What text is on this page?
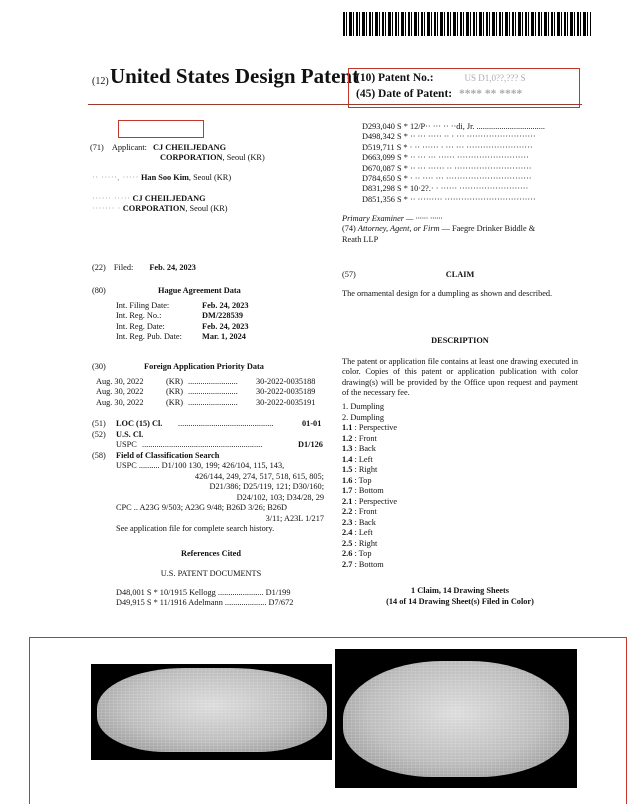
(12) United States Design Patent
(10) Patent No.:	US D1,0??,??? S
(45) Date of Patent: **** ** ****
(71) Applicant: CJ CHEILJEDANG
CORPORATION, Seoul (KR)
·· ·····, ····· Han Soo Kim, Seoul (KR)
······ ····· CJ CHEILJEDANG
······· · CORPORATION, Seoul (KR)
(22) Filed: Feb. 24, 2023
(80)	Hague Agreement Data
Int. Filing Date:	Feb. 24, 2023
Int. Reg. No.:	DM/228539
Int. Reg. Date:	Feb. 24, 2023
Int. Reg. Pub. Date: Mar. 1, 2024
(30)	Foreign Application Priority Data
Aug. 30, 2022	(KR) ........................ 30-2022-0035188
Aug. 30, 2022	(KR) ........................ 30-2022-0035189
Aug. 30, 2022	(KR) ........................ 30-2022-0035191
(51) LOC (15) Cl. ..............................................	01-01
(52) U.S. Cl.
USPC ..........................................................	D1/126
(58) Field of Classification Search
USPC .......... D1/100 130, 199; 426/104, 115, 143,
426/144, 249, 274, 517, 518, 615, 805;
D21/386; D25/119, 121; D30/160;
D24/102, 103; D34/28, 29
CPC .. A23G 9/503; A23G 9/48; B26D 3/26; B26D
3/11; A23L 1/217
See application file for complete search history.
References Cited
U.S. PATENT DOCUMENTS
D48,001 S * 10/1915 Kellogg ...................... D1/199
D49,915 S * 11/1916 Adelmann .................... D7/672
D293,040 S * 12/P·· ··· ·· ··di, Jr. .................................
D498,342 S * ·· ··· ····· ·· · ··· ·························
D519,711 S * · ·· ······ · ··· ··· ························
D663,099 S * ·· ··· ··· ······ ··························
D670,087 S * ·· ··· ······ ·· ····························
D784,650 S * · ·· ···· ··· ·······························
D831,298 S * 10·2?.· · ······ ·························
D851,356 S * ·· ········· ·································
Primary Examiner — ······ ······
(74) Attorney, Agent, or Firm — Faegre Drinker Biddle &
Reath LLP
(57)	CLAIM
The ornamental design for a dumpling as shown and described.
DESCRIPTION
The patent or application file contains at least one drawing executed in color. Copies of this patent or application publication with color drawing(s) will be provided by the Office upon request and payment of the necessary fee.
1. Dumpling
2. Dumpling
1.1 : Perspective
1.2 : Front
1.3 : Back
1.4 : Left
1.5 : Right
1.6 : Top
1.7 : Bottom
2.1 : Perspective
2.2 : Front
2.3 : Back
2.4 : Left
2.5 : Right
2.6 : Top
2.7 : Bottom
1 Claim, 14 Drawing Sheets
(14 of 14 Drawing Sheet(s) Filed in Color)
